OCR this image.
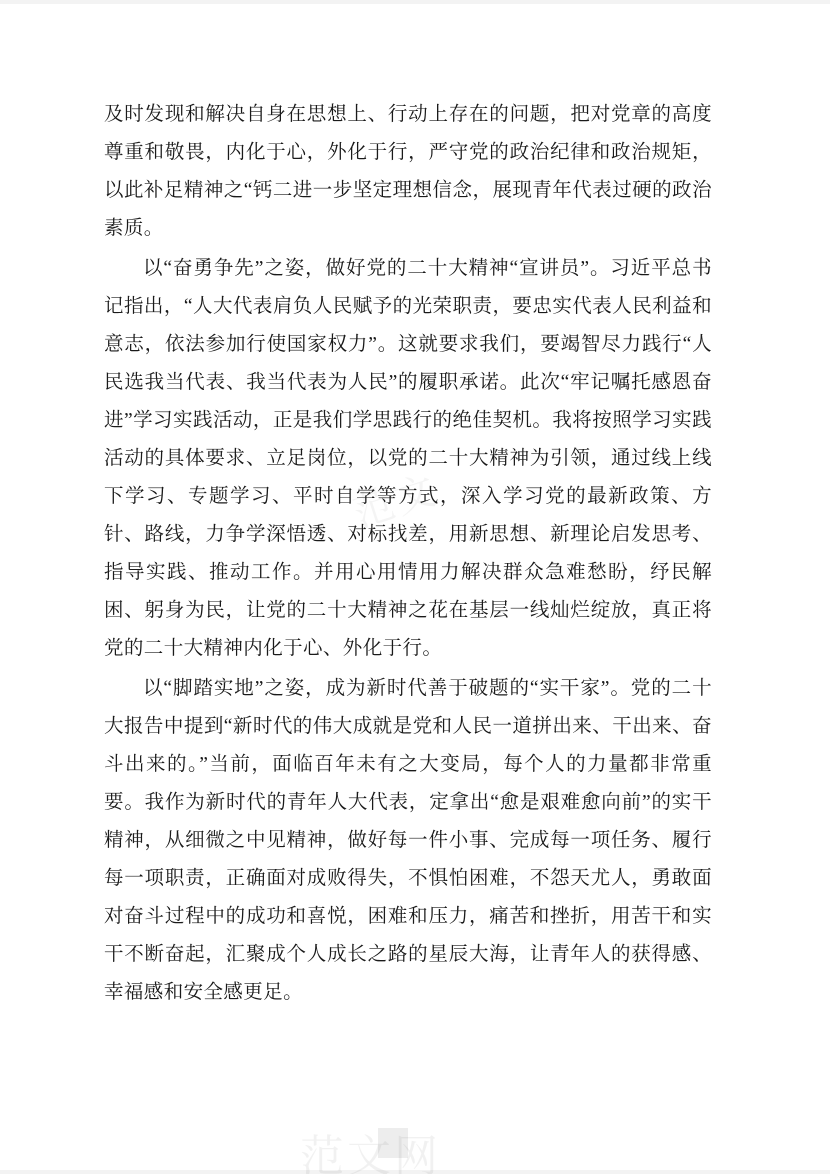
及时发现和解决自身在思想上、行动上存在的问题，把对党章的高度尊重和敬畏，内化于心，外化于行，严守党的政治纪律和政治规矩，以此补足精神之“钙二进一步坚定理想信念，展现青年代表过硬的政治素质。

以“奋勇争先”之姿，做好党的二十大精神“宣讲员”。习近平总书记指出，“人大代表肩负人民赋予的光荣职责，要忠实代表人民利益和意志，依法参加行使国家权力”。这就要求我们，要竭智尽力践行“人民选我当代表、我当代表为人民”的履职承诺。此次“牢记嘱托感恩奋进”学习实践活动，正是我们学思践行的绝佳契机。我将按照学习实践活动的具体要求、立足岗位，以党的二十大精神为引领，通过线上线下学习、专题学习、平时自学等方式，深入学习党的最新政策、方针、路线，力争学深悟透、对标找差，用新思想、新理论启发思考、指导实践、推动工作。并用心用情用力解决群众急难愁盼，纾民解困、躬身为民，让党的二十大精神之花在基层一线灿烂绽放，真正将党的二十大精神内化于心、外化于行。

以“脚踏实地”之姿，成为新时代善于破题的“实干家”。党的二十大报告中提到“新时代的伟大成就是党和人民一道拼出来、干出来、奋斗出来的。”当前，面临百年未有之大变局，每个人的力量都非常重要。我作为新时代的青年人大代表，定拿出“愈是艰难愈向前”的实干精神，从细微之中见精神，做好每一件小事、完成每一项任务、履行每一项职责，正确面对成败得失，不惧怕困难，不怨天尤人，勇敢面对奋斗过程中的成功和喜悦，困难和压力，痛苦和挫折，用苦干和实干不断奋起，汇聚成个人成长之路的星辰大海，让青年人的获得感、幸福感和安全感更足。

范文网
